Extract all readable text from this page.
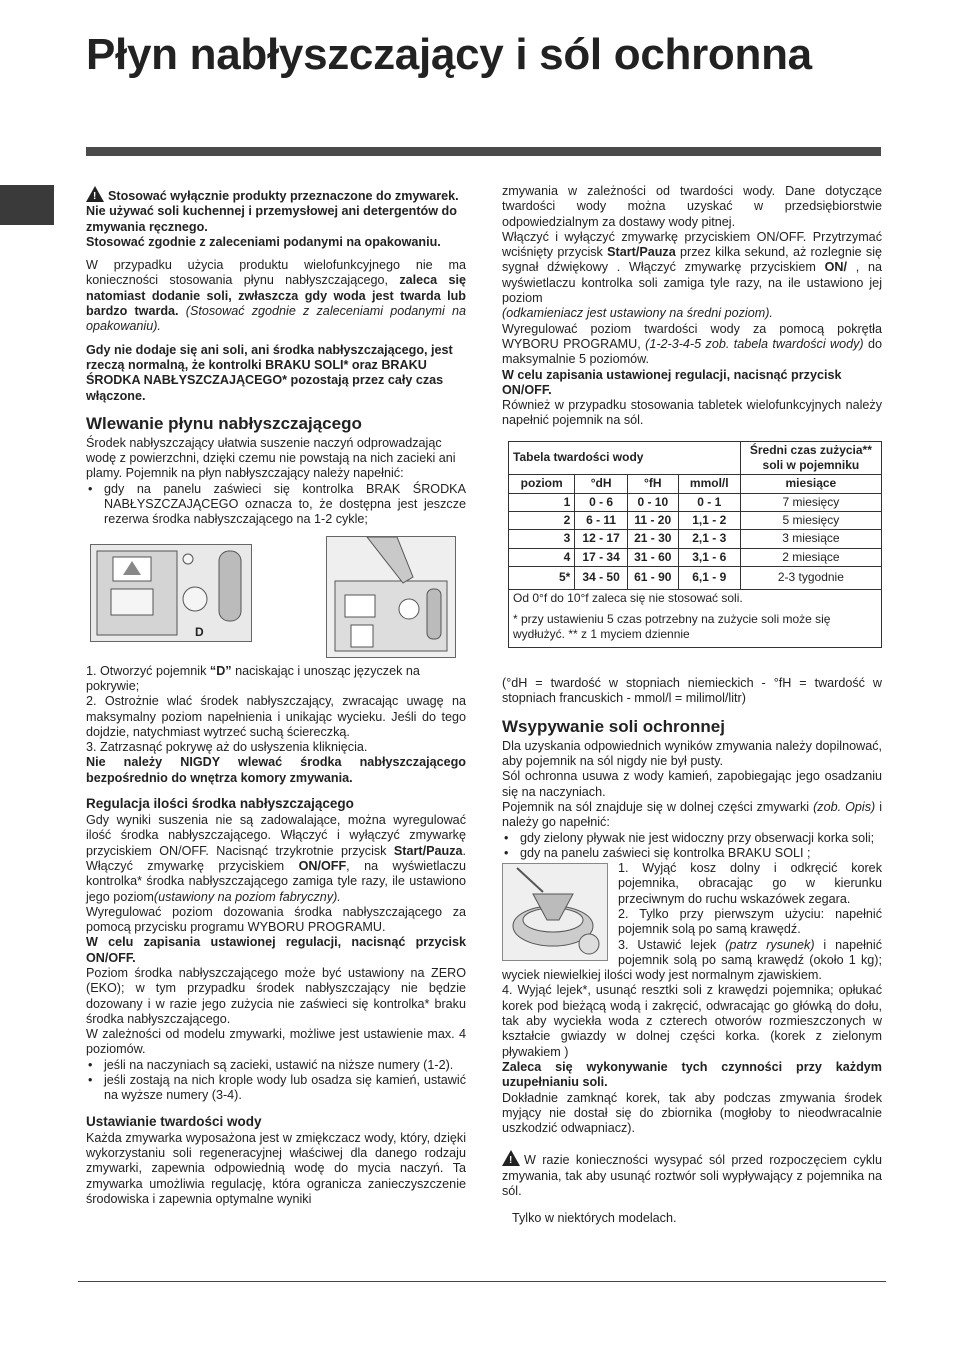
Płyn nabłyszczający i sól ochronna

!Stosować wyłącznie produkty przeznaczone do zmywarek.

Nie używać soli kuchennej i przemysłowej ani detergentów do zmywania ręcznego.

Stosować zgodnie z zaleceniami podanymi na opakowaniu.

W przypadku użycia produktu wielofunkcyjnego nie ma konieczności stosowania płynu nabłyszczającego, zaleca się natomiast dodanie soli, zwłaszcza gdy woda jest twarda lub bardzo twarda. (Stosować zgodnie z zaleceniami podanymi na opakowaniu).

Gdy nie dodaje się ani soli, ani środka nabłyszczającego, jest rzeczą normalną, że kontrolki BRAKU SOLI* oraz BRAKU ŚRODKA NABŁYSZCZAJĄCEGO* pozostają przez cały czas włączone.

Wlewanie płynu nabłyszczającego

Środek nabłyszczający ułatwia suszenie naczyń odprowadzając wodę z powierzchni, dzięki czemu nie powstają na nich zacieki ani plamy. Pojemnik na płyn nabłyszczający należy napełnić:

• gdy na panelu zaświeci się kontrolka BRAK ŚRODKA NABŁYSZCZAJĄCEGO oznacza to, że dostępna jest jeszcze rezerwa środka nabłyszczającego na 1-2 cykle;

D

1. Otworzyć pojemnik “D” naciskając i unosząc języczek na pokrywie;

2. Ostrożnie wlać środek nabłyszczający, zwracając uwagę na maksymalny poziom napełnienia i unikając wycieku. Jeśli do tego dojdzie, natychmiast wytrzeć suchą ściereczką.

3. Zatrzasnąć pokrywę aż do usłyszenia kliknięcia.

Nie należy NIGDY wlewać środka nabłyszczającego bezpośrednio do wnętrza komory zmywania.

Regulacja ilości środka nabłyszczającego

Gdy wyniki suszenia nie są zadowalające, można wyregulować ilość środka nabłyszczającego. Włączyć i wyłączyć zmywarkę przyciskiem ON/OFF. Nacisnąć trzykrotnie przycisk Start/Pauza. Włączyć zmywarkę przyciskiem ON/OFF, na wyświetlaczu kontrolka* środka nabłyszczającego zamiga tyle razy, ile ustawiono jego poziom(ustawiony na poziom fabryczny).

Wyregulować poziom dozowania środka nabłyszczającego za pomocą przycisku programu WYBORU PROGRAMU.

W celu zapisania ustawionej regulacji, nacisnąć przycisk ON/OFF.

Poziom środka nabłyszczającego może być ustawiony na ZERO (EKO); w tym przypadku środek nabłyszczający nie będzie dozowany i w razie jego zużycia nie zaświeci się kontrolka* braku środka nabłyszczającego.

W zależności od modelu zmywarki, możliwe jest ustawienie max. 4 poziomów.

• jeśli na naczyniach są zacieki, ustawić na niższe numery (1-2).

• jeśli zostają na nich krople wody lub osadza się kamień, ustawić na wyższe numery (3-4).

Ustawianie twardości wody

Każda zmywarka wyposażona jest w zmiękczacz wody, który, dzięki wykorzystaniu soli regeneracyjnej właściwej dla danego rodzaju zmywarki, zapewnia odpowiednią wodę do mycia naczyń. Ta zmywarka umożliwia regulację, która ogranicza zanieczyszczenie środowiska i zapewnia optymalne wyniki

zmywania w zależności od twardości wody. Dane dotyczące twardości wody można uzyskać w przedsiębiorstwie odpowiedzialnym za dostawy wody pitnej.

Włączyć i wyłączyć zmywarkę przyciskiem ON/OFF. Przytrzymać wciśnięty przycisk Start/Pauza przez kilka sekund, aż rozlegnie się sygnał dźwiękowy . Włączyć zmywarkę przyciskiem ON/ , na wyświetlaczu kontrolka soli zamiga tyle razy, na ile ustawiono jej poziom

(odkamieniacz jest ustawiony na średni poziom).

Wyregulować poziom twardości wody za pomocą pokrętła WYBORU PROGRAMU, (1-2-3-4-5 zob. tabela twardości wody) do maksymalnie 5 poziomów.

W celu zapisania ustawionej regulacji, nacisnąć przycisk ON/OFF.

Również w przypadku stosowania tabletek wielofunkcyjnych należy napełnić pojemnik na sól.

Tabela twardości wody				Średni czas zużycia**
soli w pojemniku

poziom	°dH	°fH	mmol/l	miesiące
1	0 - 6	0 - 10	0 - 1	7 miesięcy
2	6 - 11	11 - 20	1,1 - 2	5 miesięcy
3	12 - 17	21 - 30	2,1 - 3	3 miesiące
4	17 - 34	31 - 60	3,1 - 6	2 miesiące
5*	34 - 50	61 - 90	6,1 - 9	2-3 tygodnie
Od 0°f do 10°f zaleca się nie stosować soli.				
* przy ustawieniu 5 czas potrzebny na zużycie soli może się wydłużyć. ** z 1 myciem dziennie				

(°dH = twardość w stopniach niemieckich - °fH = twardość w stopniach francuskich - mmol/l = milimol/litr)

Wsypywanie soli ochronnej

Dla uzyskania odpowiednich wyników zmywania należy dopilnować, aby pojemnik na sól nigdy nie był pusty.

Sól ochronna usuwa z wody kamień, zapobiegając jego osadzaniu się na naczyniach.

Pojemnik na sól znajduje się w dolnej części zmywarki (zob. Opis) i należy go napełnić:

• gdy zielony pływak nie jest widoczny przy obserwacji korka soli;

• gdy na panelu zaświeci się kontrolka BRAKU SOLI ;

1. Wyjąć kosz dolny i odkręcić korek pojemnika, obracając go w kierunku przeciwnym do ruchu wskazówek zegara.

2. Tylko przy pierwszym użyciu: napełnić pojemnik solą po samą krawędź.

3. Ustawić lejek (patrz rysunek) i napełnić pojemnik solą po samą krawędź (około 1 kg); wyciek niewielkiej ilości wody jest normalnym zjawiskiem.

4. Wyjąć lejek*, usunąć resztki soli z krawędzi pojemnika; opłukać korek pod bieżącą wodą i zakręcić, odwracając go główką do dołu, tak aby wyciekła woda z czterech otworów rozmieszczonych w kształcie gwiazdy w dolnej części korka. (korek z zielonym pływakiem )

Zaleca się wykonywanie tych czynności przy każdym uzupełnianiu soli.

Dokładnie zamknąć korek, tak aby podczas zmywania środek myjący nie dostał się do zbiornika (mogłoby to nieodwracalnie uszkodzić odwapniacz).

!W razie konieczności wysypać sól przed rozpoczęciem cyklu zmywania, tak aby usunąć roztwór soli wypływający z pojemnika na sól.

Tylko w niektórych modelach.
